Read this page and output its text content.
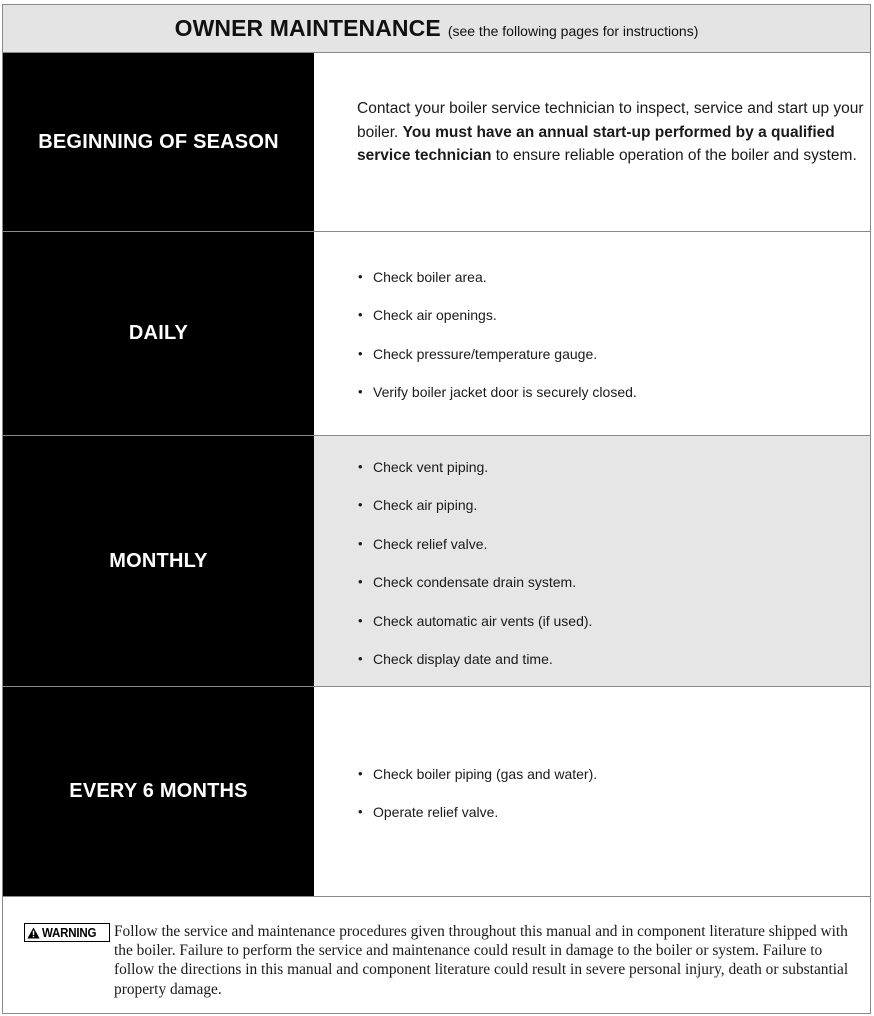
OWNER MAINTENANCE (see the following pages for instructions)
BEGINNING OF SEASON
Contact your boiler service technician to inspect, service and start up your boiler. You must have an annual start-up performed by a qualified service technician to ensure reliable operation of the boiler and system.
DAILY
• Check boiler area.
• Check air openings.
• Check pressure/temperature gauge.
• Verify boiler jacket door is securely closed.
MONTHLY
• Check vent piping.
• Check air piping.
• Check relief valve.
• Check condensate drain system.
• Check automatic air vents (if used).
• Check display date and time.
EVERY 6 MONTHS
• Check boiler piping (gas and water).
• Operate relief valve.
WARNING Follow the service and maintenance procedures given throughout this manual and in component literature shipped with the boiler. Failure to perform the service and maintenance could result in damage to the boiler or system. Failure to follow the directions in this manual and component literature could result in severe personal injury, death or substantial property damage.
